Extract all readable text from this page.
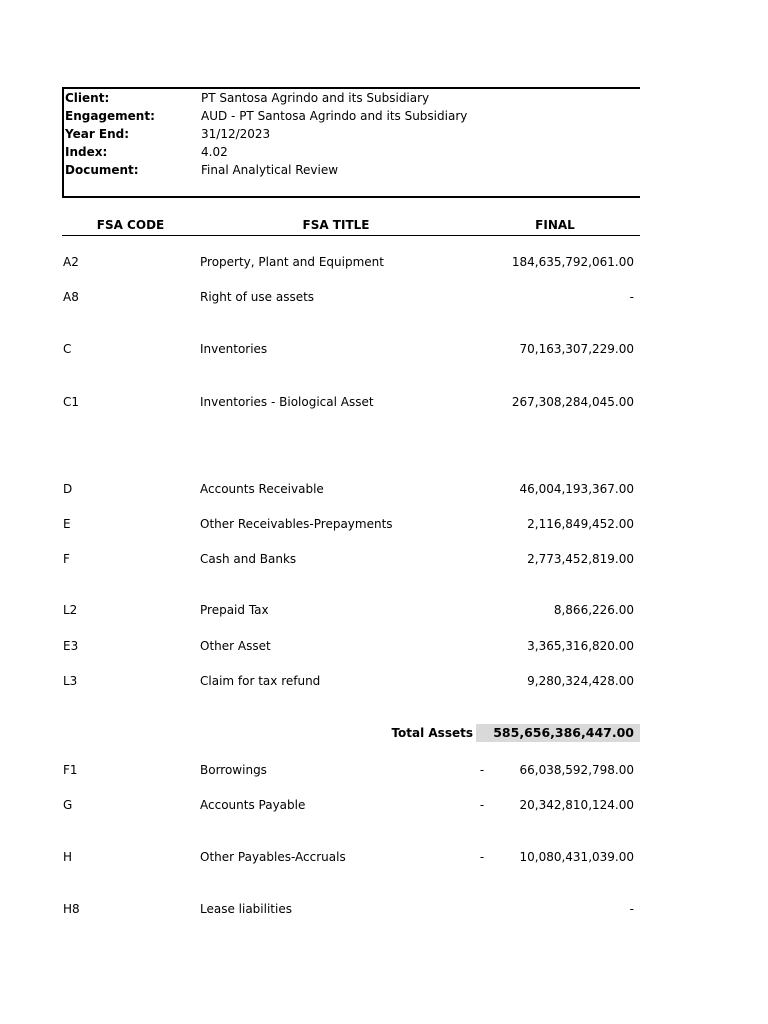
Client:	PT Santosa Agrindo and its Subsidiary
Engagement:	AUD - PT Santosa Agrindo and its Subsidiary
Year End:	31/12/2023
Index:	4.02
Document:	Final Analytical Review
FSA CODE	FSA TITLE	FINAL
A2	Property, Plant and Equipment	184,635,792,061.00
A8	Right of use assets	-
C	Inventories	70,163,307,229.00
C1	Inventories - Biological Asset	267,308,284,045.00
D	Accounts Receivable	46,004,193,367.00
E	Other Receivables-Prepayments	2,116,849,452.00
F	Cash and Banks	2,773,452,819.00
L2	Prepaid Tax	8,866,226.00
E3	Other Asset	3,365,316,820.00
L3	Claim for tax refund	9,280,324,428.00
Total Assets	585,656,386,447.00
F1	Borrowings	-	66,038,592,798.00
G	Accounts Payable	-	20,342,810,124.00
H	Other Payables-Accruals	-	10,080,431,039.00
H8	Lease liabilities	-
